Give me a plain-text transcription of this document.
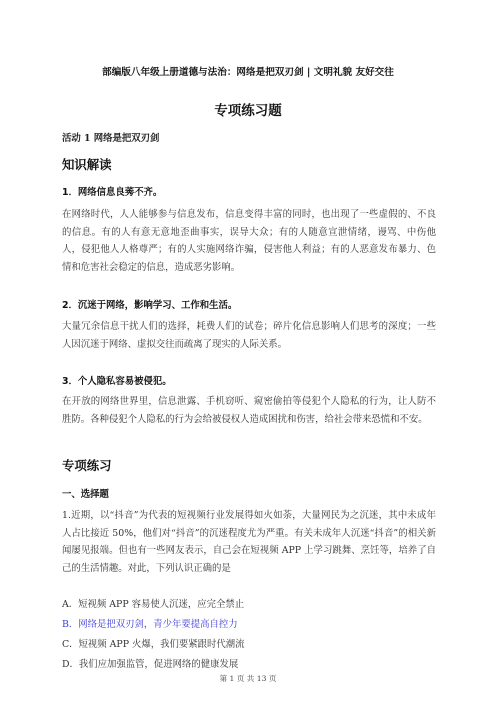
部编版八年级上册道德与法治：网络是把双刃剑 | 文明礼貌 友好交往
专项练习题
活动 1 网络是把双刃剑
知识解读
1．网络信息良莠不齐。
在网络时代，人人能够参与信息发布，信息变得丰富的同时，也出现了一些虚假的、不良的信息。有的人有意无意地歪曲事实，误导大众；有的人随意宣泄情绪，谩骂、中伤他人，侵犯他人人格尊严；有的人实施网络诈骗，侵害他人利益；有的人恶意发布暴力、色情和危害社会稳定的信息，造成恶劣影响。
2．沉迷于网络，影响学习、工作和生活。
大量冗余信息干扰人们的选择，耗费人们的试卷；碎片化信息影响人们思考的深度；一些人因沉迷于网络、虚拟交往而疏离了现实的人际关系。
3．个人隐私容易被侵犯。
在开放的网络世界里，信息泄露、手机窃听、窥密偷拍等侵犯个人隐私的行为，让人防不胜防。各种侵犯个人隐私的行为会给被侵权人造成困扰和伤害，给社会带来恐慌和不安。
专项练习
一、选择题
1.近期，以“抖音”为代表的短视频行业发展得如火如荼，大量网民为之沉迷，其中未成年人占比接近 50%，他们对“抖音”的沉迷程度尤为严重。有关未成年人沉迷“抖音”的相关新闻屡见报端。但也有一些网友表示，自己会在短视频 APP 上学习跳舞、烹饪等，培养了自己的生活情趣。对此，下列认识正确的是
A．短视频 APP 容易使人沉迷，应完全禁止
B．网络是把双刃剑，青少年要提高自控力
C．短视频 APP 火爆，我们要紧跟时代潮流
D．我们应加强监管，促进网络的健康发展
第 1 页 共 13 页
